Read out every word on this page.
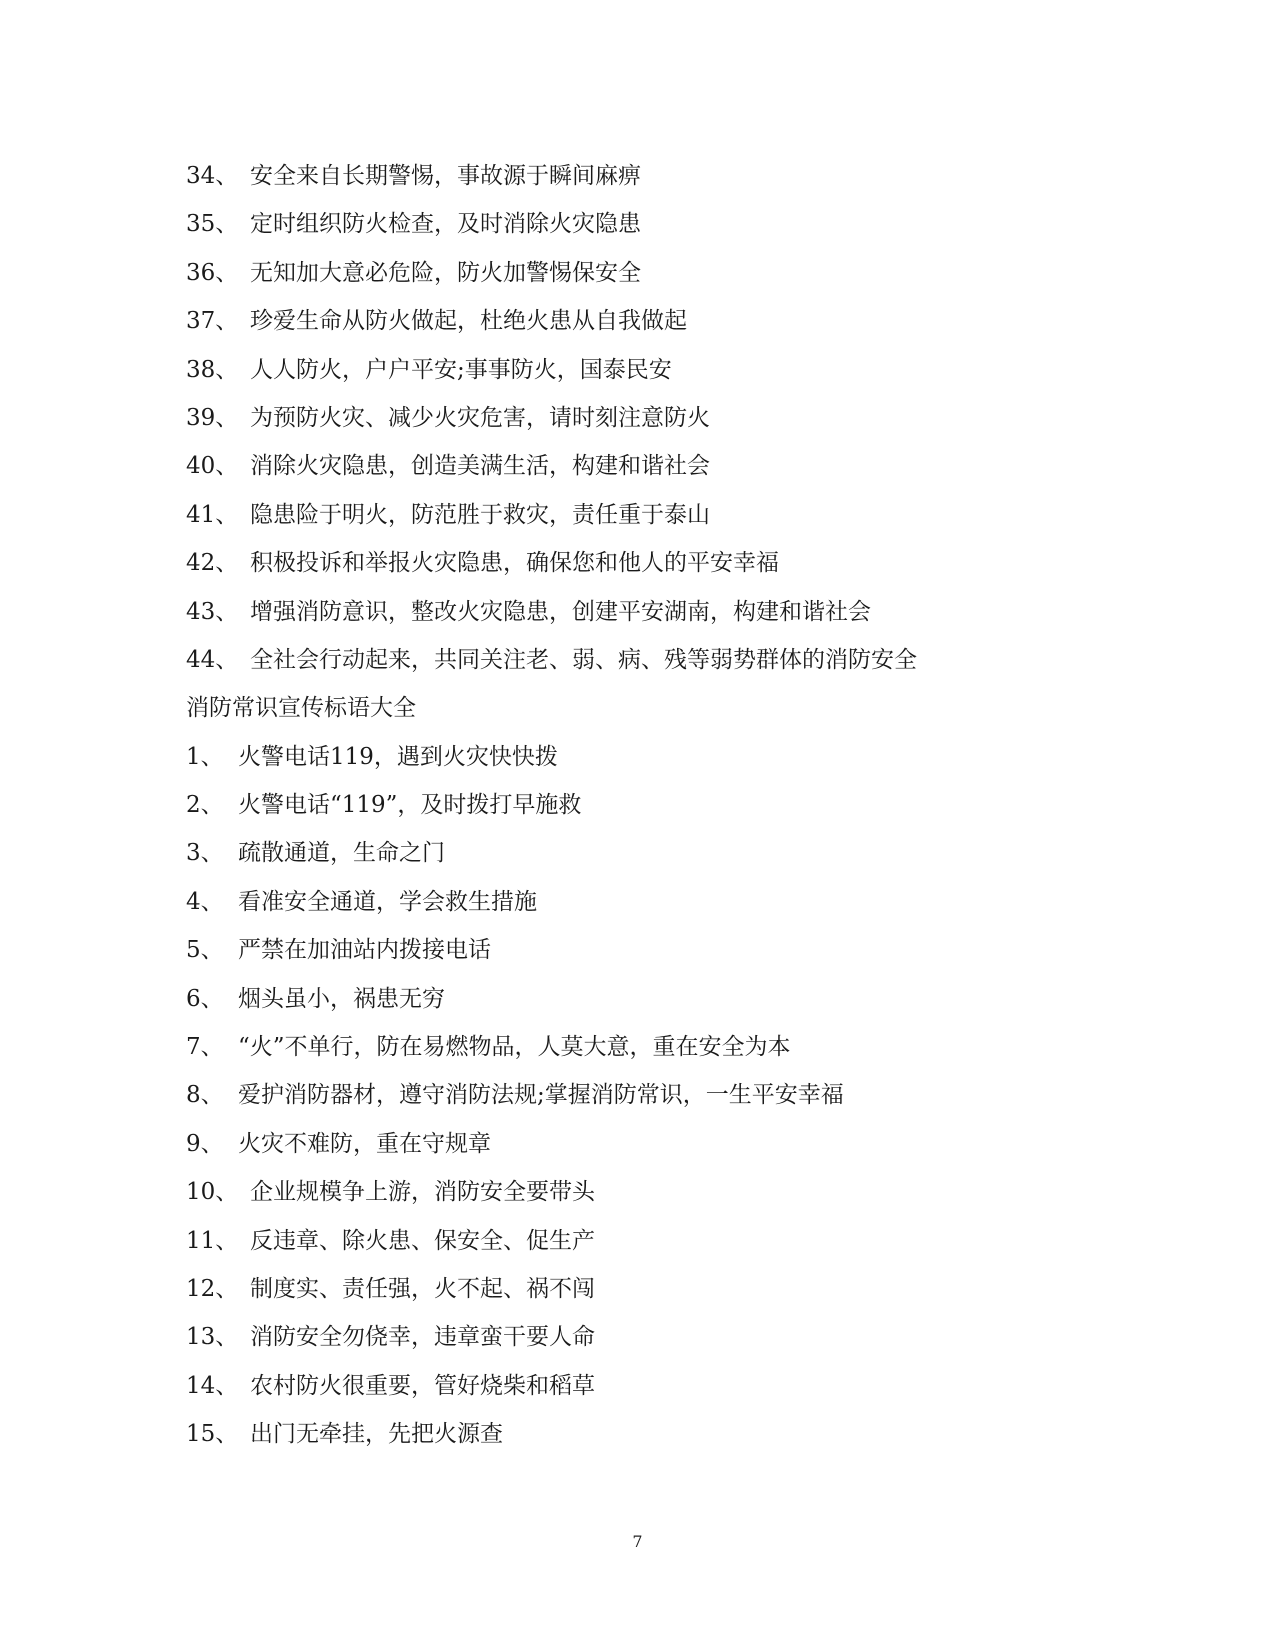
34、 安全来自长期警惕，事故源于瞬间麻痹
35、 定时组织防火检查，及时消除火灾隐患
36、 无知加大意必危险，防火加警惕保安全
37、 珍爱生命从防火做起，杜绝火患从自我做起
38、 人人防火，户户平安;事事防火，国泰民安
39、 为预防火灾、减少火灾危害，请时刻注意防火
40、 消除火灾隐患，创造美满生活，构建和谐社会
41、 隐患险于明火，防范胜于救灾，责任重于泰山
42、 积极投诉和举报火灾隐患，确保您和他人的平安幸福
43、 增强消防意识，整改火灾隐患，创建平安湖南，构建和谐社会
44、 全社会行动起来，共同关注老、弱、病、残等弱势群体的消防安全
消防常识宣传标语大全
1、 火警电话119，遇到火灾快快拨
2、 火警电话“119”，及时拨打早施救
3、 疏散通道，生命之门
4、 看准安全通道，学会救生措施
5、 严禁在加油站内拨接电话
6、 烟头虽小，祸患无穷
7、 “火”不单行，防在易燃物品，人莫大意，重在安全为本
8、 爱护消防器材，遵守消防法规;掌握消防常识，一生平安幸福
9、 火灾不难防，重在守规章
10、 企业规模争上游，消防安全要带头
11、 反违章、除火患、保安全、促生产
12、 制度实、责任强，火不起、祸不闯
13、 消防安全勿侥幸，违章蛮干要人命
14、 农村防火很重要，管好烧柴和稻草
15、 出门无牵挂，先把火源查
7
